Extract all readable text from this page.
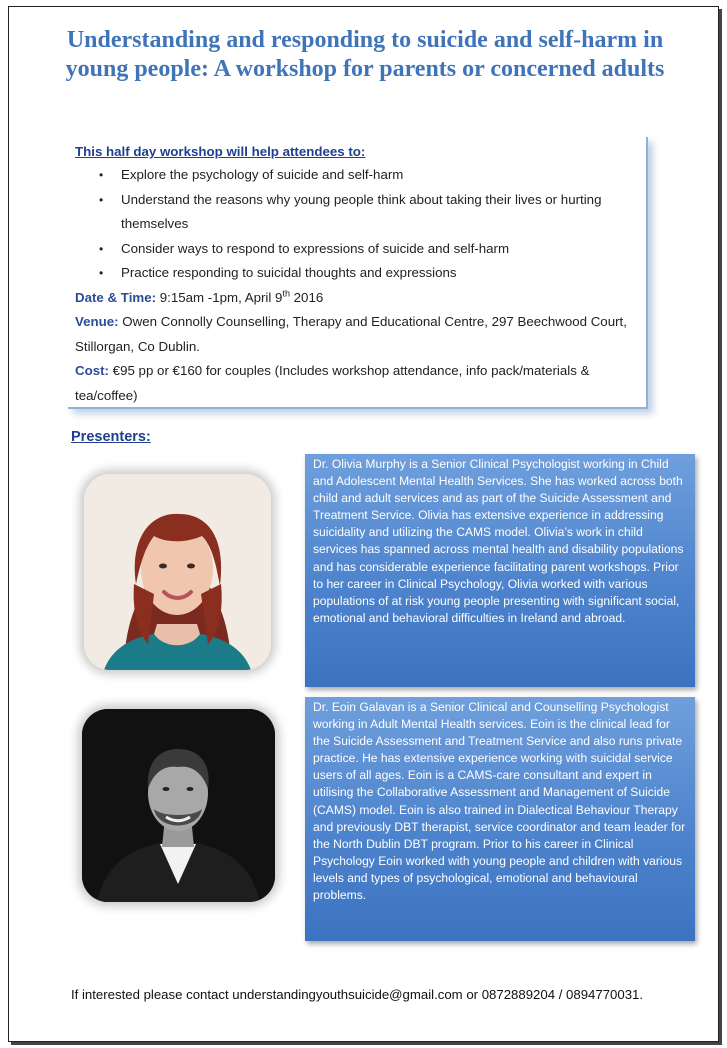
Understanding and responding to suicide and self-harm in young people: A workshop for parents or concerned adults
This half day workshop will help attendees to:
• Explore the psychology of suicide and self-harm
• Understand the reasons why young people think about taking their lives or hurting themselves
• Consider ways to respond to expressions of suicide and self-harm
• Practice responding to suicidal thoughts and expressions
Date & Time: 9:15am -1pm, April 9th 2016
Venue: Owen Connolly Counselling, Therapy and Educational Centre, 297 Beechwood Court, Stillorgan, Co Dublin.
Cost: €95 pp or €160 for couples (Includes workshop attendance, info pack/materials & tea/coffee)
Presenters:
Dr. Olivia Murphy is a Senior Clinical Psychologist working in Child and Adolescent Mental Health Services. She has worked across both child and adult services and as part of the Suicide Assessment and Treatment Service. Olivia has extensive experience in addressing suicidality and utilizing the CAMS model. Olivia’s work in child services has spanned across mental health and disability populations and has considerable experience facilitating parent workshops. Prior to her career in Clinical Psychology, Olivia worked with various populations of at risk young people presenting with significant social, emotional and behavioral difficulties in Ireland and abroad.
Dr. Eoin Galavan is a Senior Clinical and Counselling Psychologist working in Adult Mental Health services. Eoin is the clinical lead for the Suicide Assessment and Treatment Service and also runs private practice. He has extensive experience working with suicidal service users of all ages. Eoin is a CAMS-care consultant and expert in utilising the Collaborative Assessment and Management of Suicide (CAMS) model. Eoin is also trained in Dialectical Behaviour Therapy and previously DBT therapist, service coordinator and team leader for the North Dublin DBT program. Prior to his career in Clinical Psychology Eoin worked with young people and children with various levels and types of psychological, emotional and behavioural problems.
If interested please contact understandingyouthsuicide@gmail.com or 0872889204 / 0894770031.
